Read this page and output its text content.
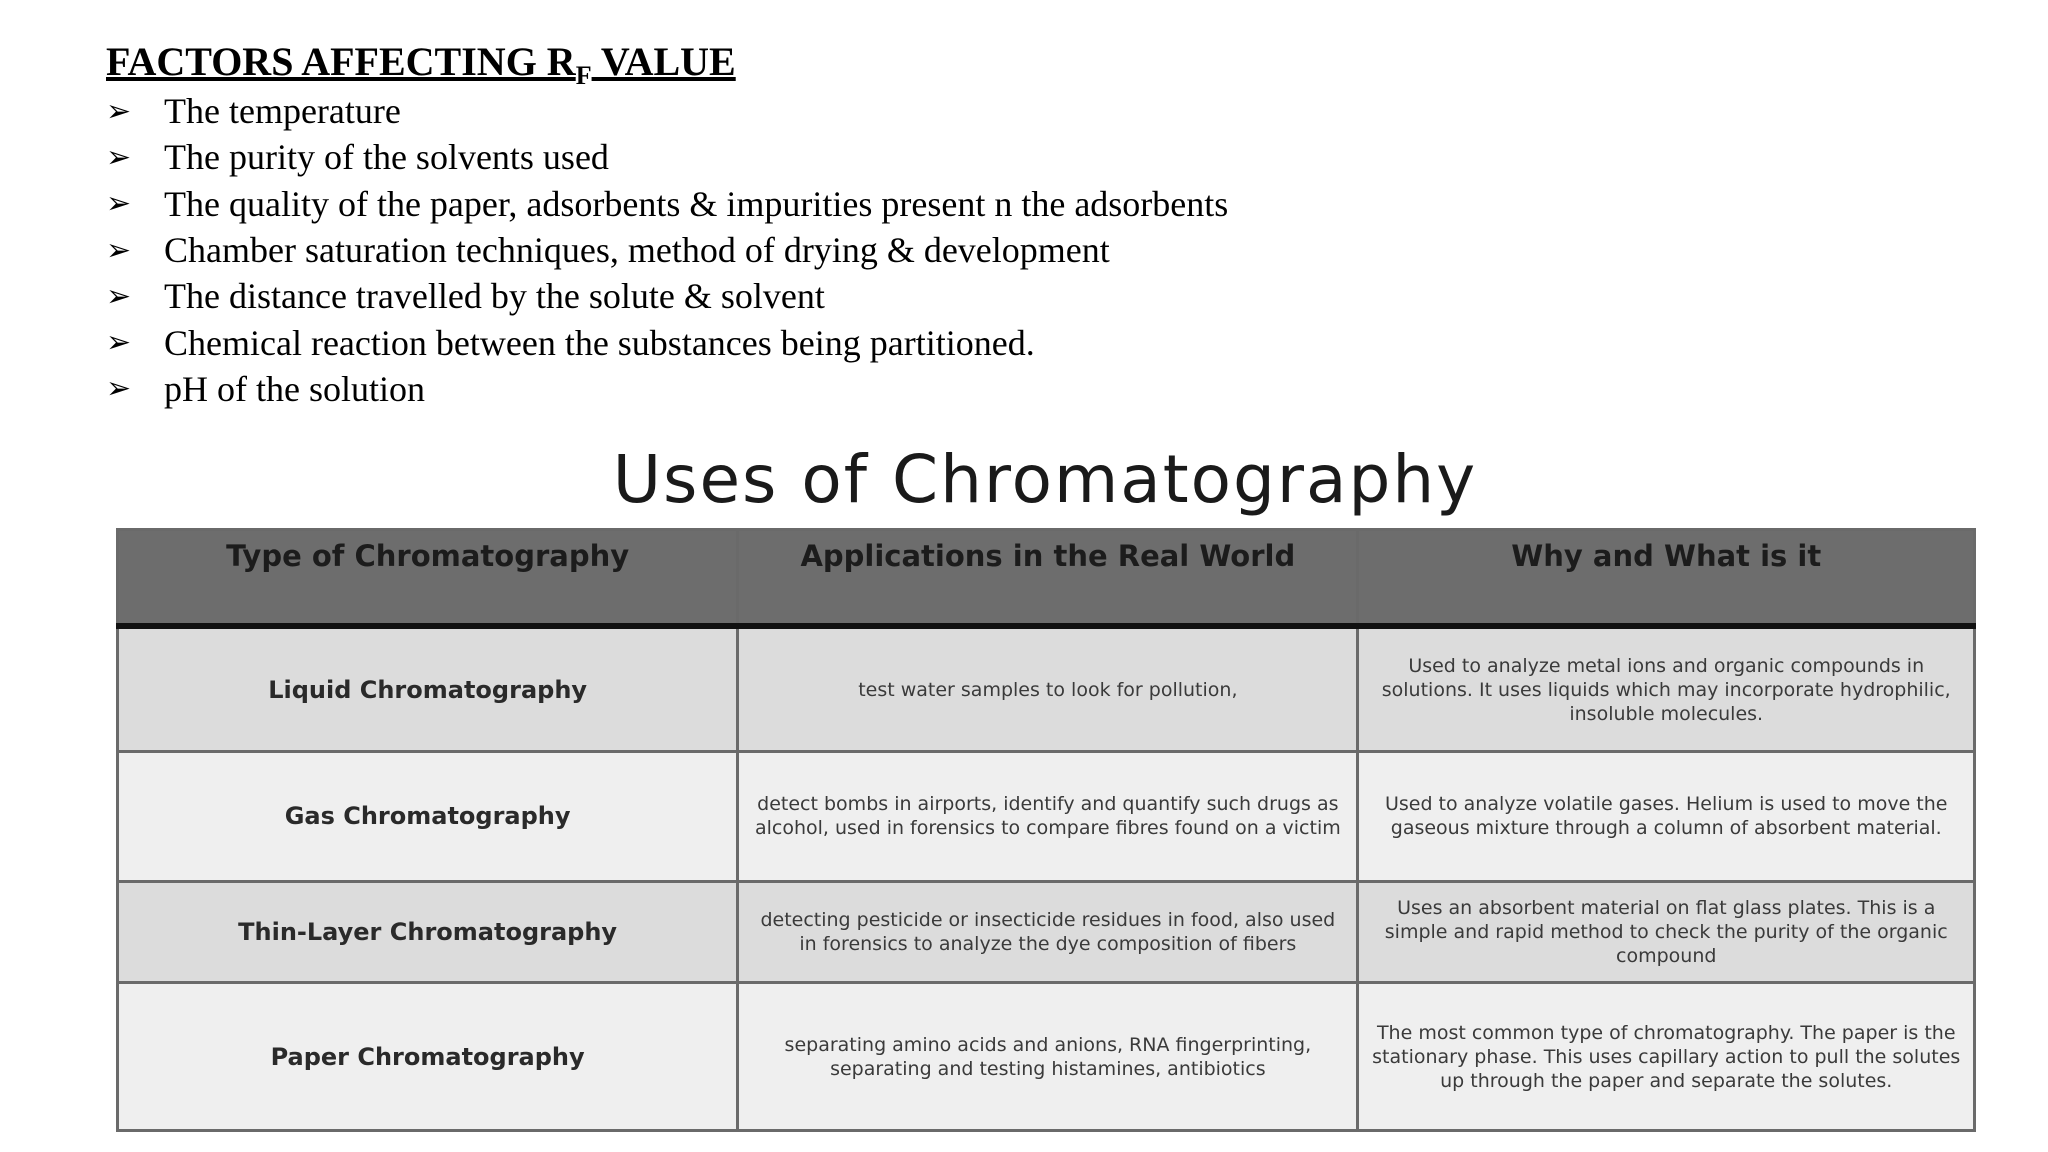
FACTORS AFFECTING $R_F$ VALUE
➢ The temperature
➢ The purity of the solvents used
➢ The quality of the paper, adsorbents & impurities present n the adsorbents
➢ Chamber saturation techniques, method of drying & development
➢ The distance travelled by the solute & solvent
➢ Chemical reaction between the substances being partitioned.
➢ pH of the solution
Uses of Chromatography
Type of Chromatography	Applications in the Real World	Why and What is it
Liquid Chromatography	test water samples to look for pollution,	Used to analyze metal ions and organic compounds in solutions. It uses liquids which may incorporate hydrophilic, insoluble molecules.
Gas Chromatography	detect bombs in airports, identify and quantify such drugs as alcohol, used in forensics to compare fibres found on a victim	Used to analyze volatile gases. Helium is used to move the gaseous mixture through a column of absorbent material.
Thin-Layer Chromatography	detecting pesticide or insecticide residues in food, also used in forensics to analyze the dye composition of fibers	Uses an absorbent material on flat glass plates. This is a simple and rapid method to check the purity of the organic compound
Paper Chromatography	separating amino acids and anions, RNA fingerprinting, separating and testing histamines, antibiotics	The most common type of chromatography. The paper is the stationary phase. This uses capillary action to pull the solutes up through the paper and separate the solutes.
